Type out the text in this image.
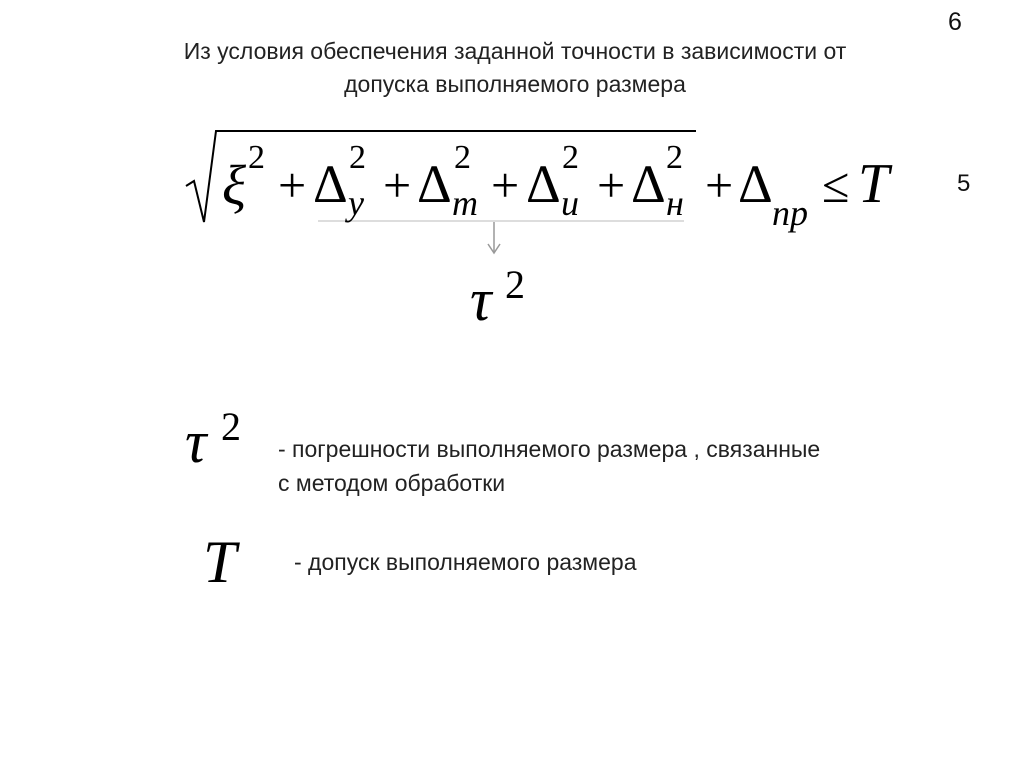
6
Из условия обеспечения заданной точности в зависимости от
допуска выполняемого размера
ξ 2 + Δ 2
у + Δ 2
т + Δ 2
и + Δ 2
н + Δ пр ≤ T
τ 2
τ 2
T
5
- погрешности выполняемого размера , связанные
с методом обработки
- допуск выполняемого размера
